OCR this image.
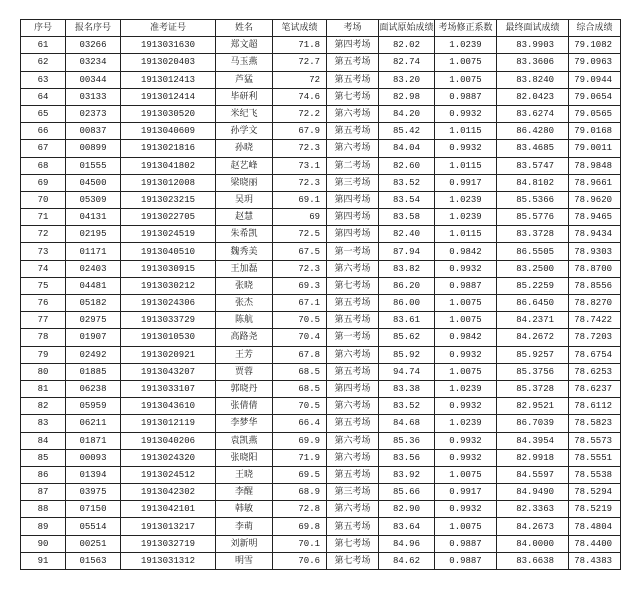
序号	报名序号	准考证号	姓名	笔试成绩	考场	面试原始成绩	考场修正系数	最终面试成绩	综合成绩
61	03266	1913031630	郑文超	71.8	第四考场	82.02	1.0239	83.9903	79.1082
62	03234	1913020403	马玉燕	72.7	第五考场	82.74	1.0075	83.3606	79.0963
63	00344	1913012413	芦猛	72	第五考场	83.20	1.0075	83.8240	79.0944
64	03133	1913012414	毕研利	74.6	第七考场	82.98	0.9887	82.0423	79.0654
65	02373	1913030520	米纪飞	72.2	第六考场	84.20	0.9932	83.6274	79.0565
66	00837	1913040609	孙学文	67.9	第五考场	85.42	1.0115	86.4280	79.0168
67	00899	1913021816	孙晓	72.3	第六考场	84.04	0.9932	83.4685	79.0011
68	01555	1913041802	赵艺峰	73.1	第二考场	82.60	1.0115	83.5747	78.9848
69	04500	1913012008	梁晓丽	72.3	第三考场	83.52	0.9917	84.8102	78.9661
70	05309	1913023215	吴玥	69.1	第四考场	83.54	1.0239	85.5366	78.9620
71	04131	1913022705	赵慧	69	第四考场	83.58	1.0239	85.5776	78.9465
72	02195	1913024519	朱希凯	72.5	第四考场	82.40	1.0115	83.3728	78.9434
73	01171	1913040510	魏秀美	67.5	第一考场	87.94	0.9842	86.5505	78.9303
74	02403	1913030915	王加磊	72.3	第六考场	83.82	0.9932	83.2500	78.8700
75	04481	1913030212	张晓	69.3	第七考场	86.20	0.9887	85.2259	78.8556
76	05182	1913024306	张杰	67.1	第五考场	86.00	1.0075	86.6450	78.8270
77	02975	1913033729	陈航	70.5	第五考场	83.61	1.0075	84.2371	78.7422
78	01907	1913010530	高路尧	70.4	第一考场	85.62	0.9842	84.2672	78.7203
79	02492	1913020921	王芳	67.8	第六考场	85.92	0.9932	85.9257	78.6754
80	01885	1913043207	贾蓉	68.5	第五考场	94.74	1.0075	85.3756	78.6253
81	06238	1913033107	郭晓丹	68.5	第四考场	83.38	1.0239	85.3728	78.6237
82	05959	1913043610	张倩倩	70.5	第六考场	83.52	0.9932	82.9521	78.6112
83	06211	1913012119	李梦华	66.4	第五考场	84.68	1.0239	86.7039	78.5823
84	01871	1913040206	袁凯燕	69.9	第六考场	85.36	0.9932	84.3954	78.5573
85	00093	1913024320	张晓阳	71.9	第六考场	83.56	0.9932	82.9918	78.5551
86	01394	1913024512	王晓	69.5	第五考场	83.92	1.0075	84.5597	78.5538
87	03975	1913042302	李醒	68.9	第三考场	85.66	0.9917	84.9490	78.5294
88	07150	1913042101	韩敏	72.8	第六考场	82.90	0.9932	82.3363	78.5219
89	05514	1913013217	李萌	69.8	第五考场	83.64	1.0075	84.2673	78.4804
90	00251	1913032719	刘新明	70.1	第七考场	84.96	0.9887	84.0000	78.4400
91	01563	1913031312	明雪	70.6	第七考场	84.62	0.9887	83.6638	78.4383
